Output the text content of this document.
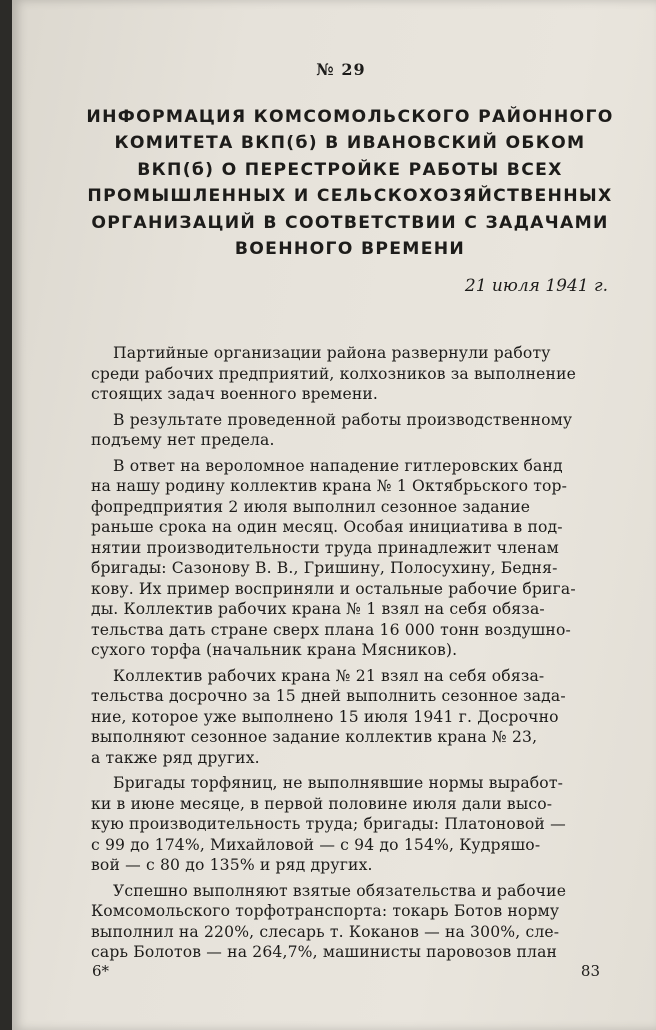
№ 29
ИНФОРМАЦИЯ КОМСОМОЛЬСКОГО РАЙОННОГО
КОМИТЕТА ВКП(б) В ИВАНОВСКИЙ ОБКОМ
ВКП(б) О ПЕРЕСТРОЙКЕ РАБОТЫ ВСЕХ
ПРОМЫШЛЕННЫХ И СЕЛЬСКОХОЗЯЙСТВЕННЫХ
ОРГАНИЗАЦИЙ В СООТВЕТСТВИИ С ЗАДАЧАМИ
ВОЕННОГО ВРЕМЕНИ
21 июля 1941 г.

Партийные организации района развернули работу
среди рабочих предприятий, колхозников за выполнение
стоящих задач военного времени.

В результате проведенной работы производственному
подъему нет предела.

В ответ на вероломное нападение гитлеровских банд
на нашу родину коллектив крана № 1 Октябрьского тор-
фопредприятия 2 июля выполнил сезонное задание
раньше срока на один месяц. Особая инициатива в под-
нятии производительности труда принадлежит членам
бригады: Сазонову В. В., Гришину, Полосухину, Бедня-
кову. Их пример восприняли и остальные рабочие бригa-
ды. Коллектив рабочих крана № 1 взял на себя обяза-
тельства дать стране сверх плана 16 000 тонн воздушно-
сухого торфа (начальник крана Мясников).

Коллектив рабочих крана № 21 взял на себя обяза-
тельства досрочно за 15 дней выполнить сезонное зада-
ние, которое уже выполнено 15 июля 1941 г. Досрочно
выполняют сезонное задание коллектив крана № 23,
а также ряд других.

Бригады торфяниц, не выполнявшие нормы выработ-
ки в июне месяце, в первой половине июля дали высо-
кую производительность труда; бригады: Платоновой —
с 99 до 174%, Михайловой — с 94 до 154%, Кудряшо-
вой — с 80 до 135% и ряд других.

Успешно выполняют взятые обязательства и рабочие
Комсомольского торфотранспорта: токарь Ботов норму
выполнил на 220%, слесарь т. Коканов — на 300%, сле-
сарь Болотов — на 264,7%, машинисты паровозов план

6*	83
